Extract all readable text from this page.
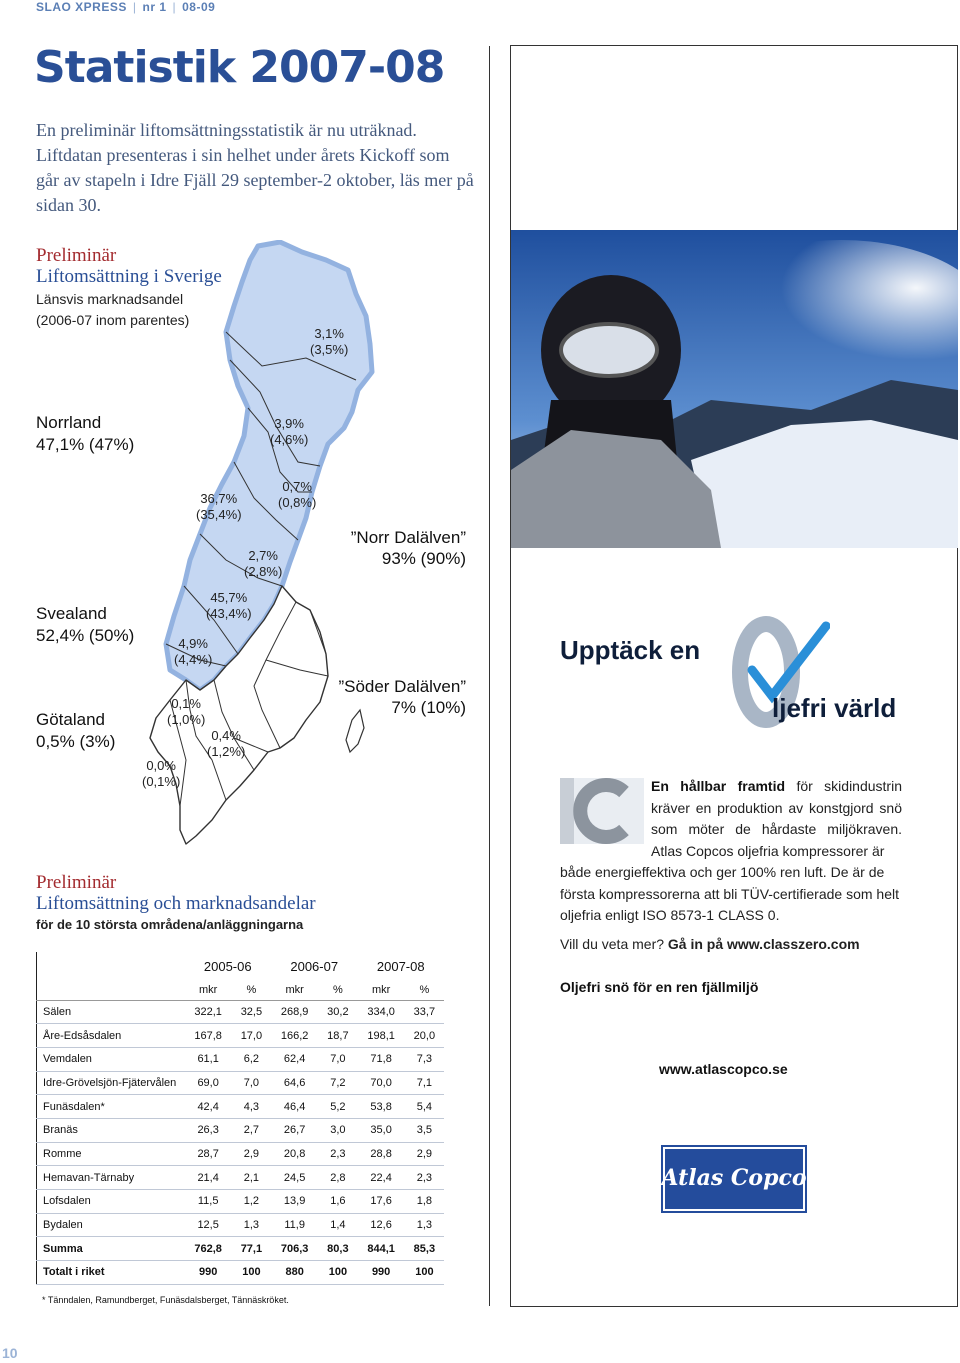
SLAO XPRESS | nr 1 | 08-09
Statistik 2007-08

En preliminär liftomsättningsstatistik är nu uträknad. Liftdatan presenteras i sin helhet under årets Kickoff som går av stapeln i Idre Fjäll 29 september-2 oktober, läs mer på sidan 30.

Preliminär
Liftomsättning i Sverige
Länsvis marknadsandel
(2006-07 inom parentes)
3,1%
(3,5%)
3,9%
(4,6%)
0,7%
(0,8%)
36,7%
(35,4%)
2,7%
(2,8%)
45,7%
(43,4%)
4,9%
(4,4%)
0,1%
(1,0%)
0,4%
(1,2%)
0,0%
(0,1%)
Norrland
47,1% (47%)
Svealand
52,4% (50%)
Götaland
0,5% (3%)
”Norr Dalälven”
93% (90%)
”Söder Dalälven”
7% (10%)
Preliminär
Liftomsättning och marknadsandelar
för de 10 största områdena/anläggningarna
	2005-06		2006-07		2007-08	
	mkr	%	mkr	%	mkr	%
Sälen	322,1	32,5	268,9	30,2	334,0	33,7
Åre-Edsåsdalen	167,8	17,0	166,2	18,7	198,1	20,0
Vemdalen	61,1	6,2	62,4	7,0	71,8	7,3
Idre-Grövelsjön-Fjätervålen	69,0	7,0	64,6	7,2	70,0	7,1
Funäsdalen*	42,4	4,3	46,4	5,2	53,8	5,4
Branäs	26,3	2,7	26,7	3,0	35,0	3,5
Romme	28,7	2,9	20,8	2,3	28,8	2,9
Hemavan-Tärnaby	21,4	2,1	24,5	2,8	22,4	2,3
Lofsdalen	11,5	1,2	13,9	1,6	17,6	1,8
Bydalen	12,5	1,3	11,9	1,4	12,6	1,3
Summa	762,8	77,1	706,3	80,3	844,1	85,3
Totalt i riket	990	100	880	100	990	100
* Tänndalen, Ramundberget, Funäsdalsberget, Tännäskröket.
10
Upptäck en
ljefri värld
En hållbar framtid för skidindustrin kräver en produktion av konstgjord snö som möter de hårdaste miljökraven. Atlas Copcos oljefria kompressorer är
både energieffektiva och ger 100% ren luft. De är de första kompressorerna att bli TÜV-certifierade som helt oljefria enligt ISO 8573-1 CLASS 0.
Vill du veta mer? Gå in på www.classzero.com
Oljefri snö för en ren fjällmiljö
www.atlascopco.se
Atlas Copco
